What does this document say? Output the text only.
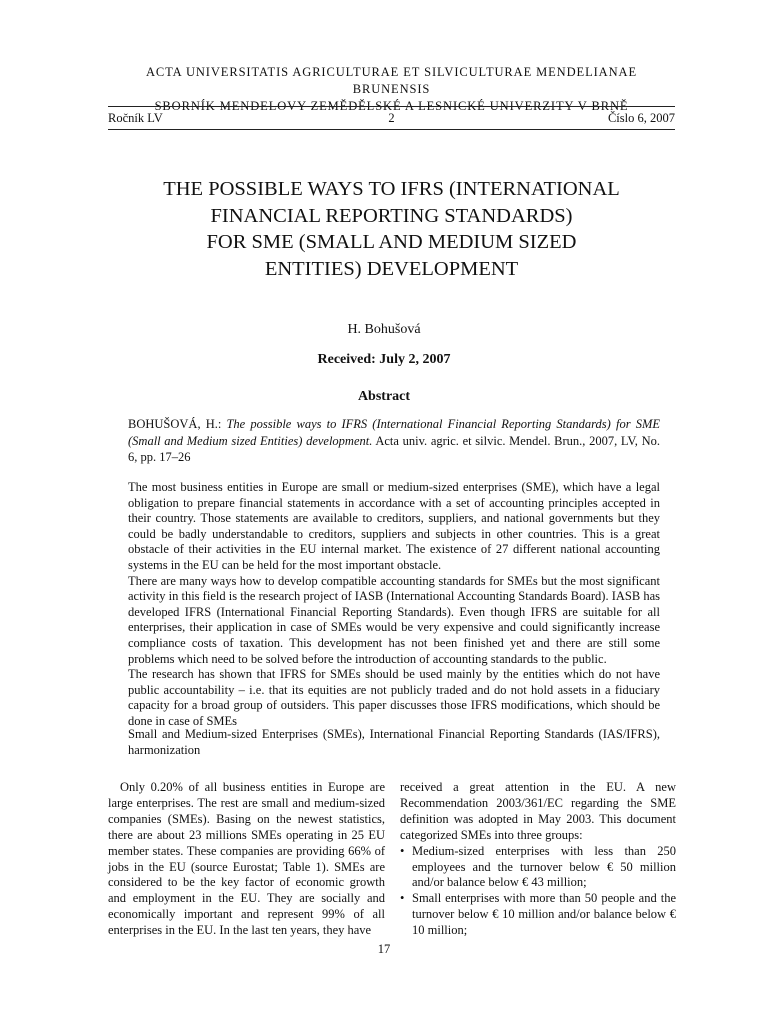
ACTA UNIVERSITATIS AGRICULTURAE ET SILVICULTURAE MENDELIANAE BRUNENSIS
SBORNÍK MENDELOVY ZEMĚDĚLSKÉ A LESNICKÉ UNIVERZITY V BRNĚ
Ročník LV	2	Číslo 6, 2007
THE POSSIBLE WAYS TO IFRS (INTERNATIONAL
FINANCIAL REPORTING STANDARDS)
FOR SME (SMALL AND MEDIUM SIZED
ENTITIES) DEVELOPMENT
H. Bohušová
Received: July 2, 2007
Abstract
BOHUŠOVÁ, H.: The possible ways to IFRS (International Financial Reporting Standards) for SME (Small and Medium sized Entities) development. Acta univ. agric. et silvic. Mendel. Brun., 2007, LV, No. 6, pp. 17–26

The most business entities in Europe are small or medium-sized enterprises (SME), which have a legal obligation to prepare financial statements in accordance with a set of accounting principles accepted in their country. Those statements are available to creditors, suppliers, and national governments but they could be badly understandable to creditors, suppliers and subjects in other countries. This is a great obstacle of their activities in the EU internal market. The existence of 27 different national accounting systems in the EU can be held for the most important obstacle.

There are many ways how to develop compatible accounting standards for SMEs but the most significant activity in this field is the research project of IASB (International Accounting Standards Board). IASB has developed IFRS (International Financial Reporting Standards). Even though IFRS are suitable for all enterprises, their application in case of SMEs would be very expensive and could significantly increase compliance costs of taxation. This development has not been finished yet and there are still some problems which need to be solved before the introduction of accounting standards to the public.

The research has shown that IFRS for SMEs should be used mainly by the entities which do not have public accountability – i.e. that its equities are not publicly traded and do not hold assets in a fiduciary capacity for a broad group of outsiders. This paper discusses those IFRS modifications, which should be done in case of SMEs

Small and Medium-sized Enterprises (SMEs), International Financial Reporting Standards (IAS/IFRS), harmonization
Only 0.20% of all business entities in Europe are large enterprises. The rest are small and medium-sized companies (SMEs). Basing on the newest statistics, there are about 23 millions SMEs operating in 25 EU member states. These companies are providing 66% of jobs in the EU (source Eurostat; Table 1). SMEs are considered to be the key factor of economic growth and employment in the EU. They are socially and economically important and represent 99% of all enterprises in the EU. In the last ten years, they have
received a great attention in the EU. A new Recommendation 2003/361/EC regarding the SME definition was adopted in May 2003. This document categorized SMEs into three groups:
• Medium-sized enterprises with less than 250 employees and the turnover below € 50 million and/or balance below € 43 million;
• Small enterprises with more than 50 people and the turnover below € 10 million and/or balance below € 10 million;
17
